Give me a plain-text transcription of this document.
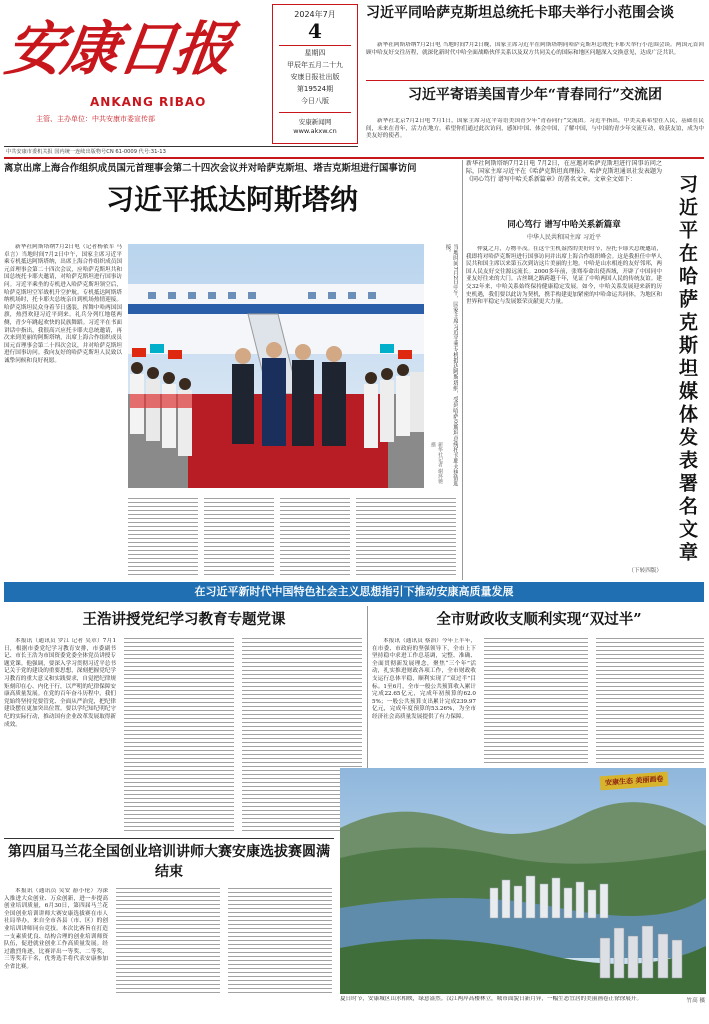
安康日报
ANKANG RIBAO
主管、主办单位：中共安康市委宣传部
2024年7月
4
星期四
甲辰年五月二十九
安康日报社出版
第19524期
今日八版
安康新闻网
www.akxw.cn
中共安康市委机关报 国内统一连续出版物号CN 61-0009 代号:31-13
习近平同哈萨克斯坦总统托卡耶夫举行小范围会谈
新华社阿斯塔纳7月2日电 当地时间7月2日晚，国家主席习近平在阿斯塔纳同哈萨克斯坦总统托卡耶夫举行小范围会谈。两国元首回顾中哈友好交往历程，就深化新时代中哈全面战略伙伴关系以及双方共同关心的国际和地区问题深入交换意见，达成广泛共识。
习近平寄语美国青少年“青春同行”交流团
新华社北京7月2日电 7月1日，国家主席习近平寄语美国青少年“青春同行”交流团。习近平指出，中美关系希望在人民，基础在民间，未来在青年，活力在地方。希望你们通过此次访问，感知中国、体会中国，了解中国，与中国的青少年交流互动，收获友谊，成为中美友好的使者。
离京出席上海合作组织成员国元首理事会第二十四次会议并对哈萨克斯坦、塔吉克斯坦进行国事访问
习近平抵达阿斯塔纳
新华社阿斯塔纳7月2日电（记者杨依军 马卓言）当地时间7月2日中午，国家主席习近平乘专机抵达阿斯塔纳，出席上海合作组织成员国元首理事会第二十四次会议，应哈萨克斯坦共和国总统托卡耶夫邀请，对哈萨克斯坦进行国事访问。习近平乘坐的专机进入哈萨克斯坦领空后，哈萨克斯坦空军战机升空护航。专机抵达阿斯塔纳机场时，托卡耶夫总统亲自到机场热情迎接。哈萨克斯坦民众身着节日盛装，挥舞中哈两国国旗，热烈欢迎习近平到来。礼兵分列红地毯两侧，青少年跳起欢快的民族舞蹈。习近平在书面讲话中指出，我很高兴应托卡耶夫总统邀请，再次来到美丽的阿斯塔纳，出席上海合作组织成员国元首理事会第二十四次会议，并对哈萨克斯坦进行国事访问。我向友好的哈萨克斯坦人民致以诚挚问候和良好祝愿。	当地时间7月2日中午，国家主席习近平乘专机抵达阿斯塔纳，受到哈萨克斯坦总统托卡耶夫热情迎接。
新华社记者 谢环驰 摄
新华社阿斯塔纳7月2日电 7月2日，在应邀对哈萨克斯坦进行国事访问之际，国家主席习近平在《哈萨克斯坦真理报》、哈萨克斯坦通讯社发表题为《同心笃行 谱写中哈关系新篇章》的署名文章。文章全文如下：
同心笃行 谱写中哈关系新篇章
中华人民共和国主席 习近平
仲夏之月，万物丰茂。在这个生机盎然的美好时节，应托卡耶夫总统邀请，我即将对哈萨克斯坦进行国事访问并出席上海合作组织峰会。这是我担任中华人民共和国主席以来第五次到访这片美丽的土地。中哈是山水相连的友好邻邦，两国人民友好交往源远流长。2000多年前，张骞奉命出使西域，开辟了中国同中亚友好往来的大门。古丝绸之路跨越千年，见证了中哈两国人民的传统友谊。建交32年来，中哈关系始终保持健康稳定发展。如今，中哈关系发展迎来新的历史机遇，我们要以此访为契机，携手构建更加紧密的中哈命运共同体，为地区和世界和平稳定与发展繁荣贡献更大力量。
（下转四版）
习近平在哈萨克斯坦媒体发表署名文章
在习近平新时代中国特色社会主义思想指引下推动安康高质量发展
王浩讲授党纪学习教育专题党课
本报讯（通讯员 罗江 记者 吴章）7月1日，根据市委党纪学习教育安排，市委副书记、市长王浩为市国资委党委全体党员讲授专题党课。他强调，要深入学习贯彻习近平总书记关于党的建设的重要思想，深刻把握党纪学习教育的重大意义和实践要求，自觉把纪律规矩刻印在心、内化于行，以严明的纪律保障安康高质量发展。在党的百年奋斗历程中，我们党始终坚持党要管党、全面从严治党，把纪律建设摆在更加突出位置。要以学纪知纪明纪守纪的实际行动，推动国有企业改革发展取得新成效。
全市财政收支顺利实现“双过半”
本报讯（通讯员 蔡治）今年上半年，在市委、市政府的坚强领导下，全市上下坚持稳中求进工作总基调，完整、准确、全面贯彻新发展理念，聚焦“三个年”活动，扎实推进财政各项工作，全市财政收支运行总体平稳，顺利实现了“双过半”目标。1至6月，全市一般公共预算收入累计完成22.65亿元，完成年初预算的62.05%；一般公共预算支出累计完成239.97亿元，完成年度预算的53.26%，为全市经济社会高质量发展提供了有力保障。
安康生态 美丽画卷
第四届马兰花全国创业培训讲师大赛安康选拔赛圆满结束
本报讯（通讯员 吴安 游小伦）为深入推进大众创业、万众创新，进一步提高创业培训质量，6月30日，第四届马兰花全国创业培训讲师大赛安康选拔赛在市人社局举办，来自全市各县（市、区）的创业培训讲师同台竞技。本次比赛旨在打造一支素质优良、结构合理的创业培训师资队伍，促进就业创业工作高质量发展。经过激烈角逐，比赛评出一等奖、二等奖、三等奖若干名，优秀选手将代表安康参加全省比赛。
夏日时节，安康城区山水相映，绿意盎然。汉江两岸高楼林立，城市面貌日新月异，一幅生态宜居的美丽画卷正徐徐展开。	竹高 摄
